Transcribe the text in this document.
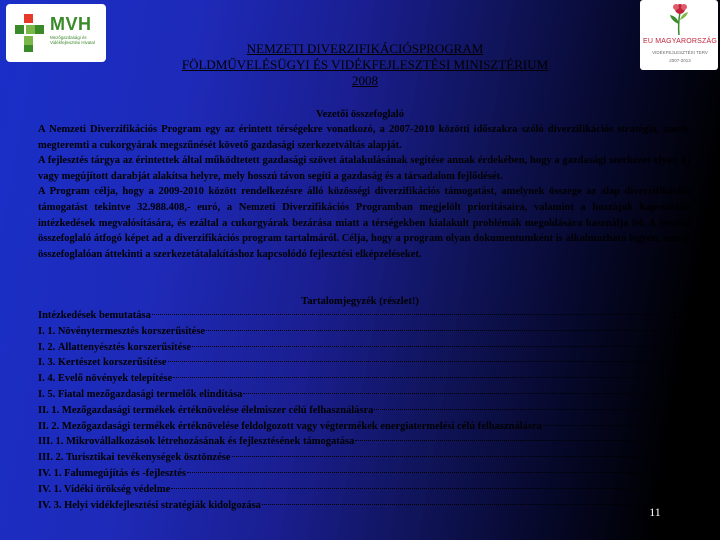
MVH
Mezőgazdasági és Vidékfejlesztési Hivatal	EU MAGYARORSZÁG
VIDÉKFEJLESZTÉSI TERV
2007-2013
NEMZETI DIVERZIFIKÁCIÓSPROGRAM
FÖLDMŰVELÉSÜGYI ÉS VIDÉKFEJLESZTÉSI MINISZTÉRIUM
2008
Vezetői összefoglaló

A Nemzeti Diverzifikációs Program egy az érintett térségekre vonatkozó, a 2007-2010 közötti időszakra szóló diverzifikációs stratégia, amely megteremti a cukorgyárak megszűnését követő gazdasági szerkezetváltás alapját.

A fejlesztés tárgya az érintettek által működtetett gazdasági szövet átalakulásának segítése annak érdekében, hogy a gazdasági szerkezet olyan új vagy megújított darabját alakítsa helyre, mely hosszú távon segíti a gazdaság és a társadalom fejlődését.

A Program célja, hogy a 2009-2010 között rendelkezésre álló közösségi diverzifikációs támogatást, amelynek összege az alap diverzifikációs támogatást tekintve 32.988.408,- euró, a Nemzeti Diverzifikációs Programban megjelölt prioritásaira, valamint a hozzájuk kapcsolódó intézkedések megvalósítására, és ezáltal a cukorgyárak bezárása miatt a térségekben kialakult problémák megoldására használja fel. A vezetői összefoglaló átfogó képet ad a diverzifikációs program tartalmáról. Célja, hogy a program olyan dokumentumként is alkalmazható legyen, amely összefoglalóan áttekinti a szerkezetátalakításhoz kapcsolódó fejlesztési elképzeléseket.

Tartalomjegyzék (részlet!)
Intézkedések bemutatása	121
I. 1. Növénytermesztés korszerűsítése	121
I. 2. Állattenyésztés korszerűsítése	124
I. 3. Kertészet korszerűsítése	127
I. 4. Évelő növények telepítése	130
I. 5. Fiatal mezőgazdasági termelők elindítása	133
II. 1. Mezőgazdasági termékek értéknövelése élelmiszer célú felhasználásra	136
II. 2. Mezőgazdasági termékek értéknövelése feldolgozott vagy végtermékek energiatermelési célú felhasználásra	139
III. 1. Mikrovállalkozások létrehozásának és fejlesztésének támogatása	142
III. 2. Turisztikai tevékenységek ösztönzése	145
IV. 1. Falumegújítás és -fejlesztés	149
IV. 1. Vidéki örökség védelme	152
IV. 3. Helyi vidékfejlesztési stratégiák kidolgozása	155
11
